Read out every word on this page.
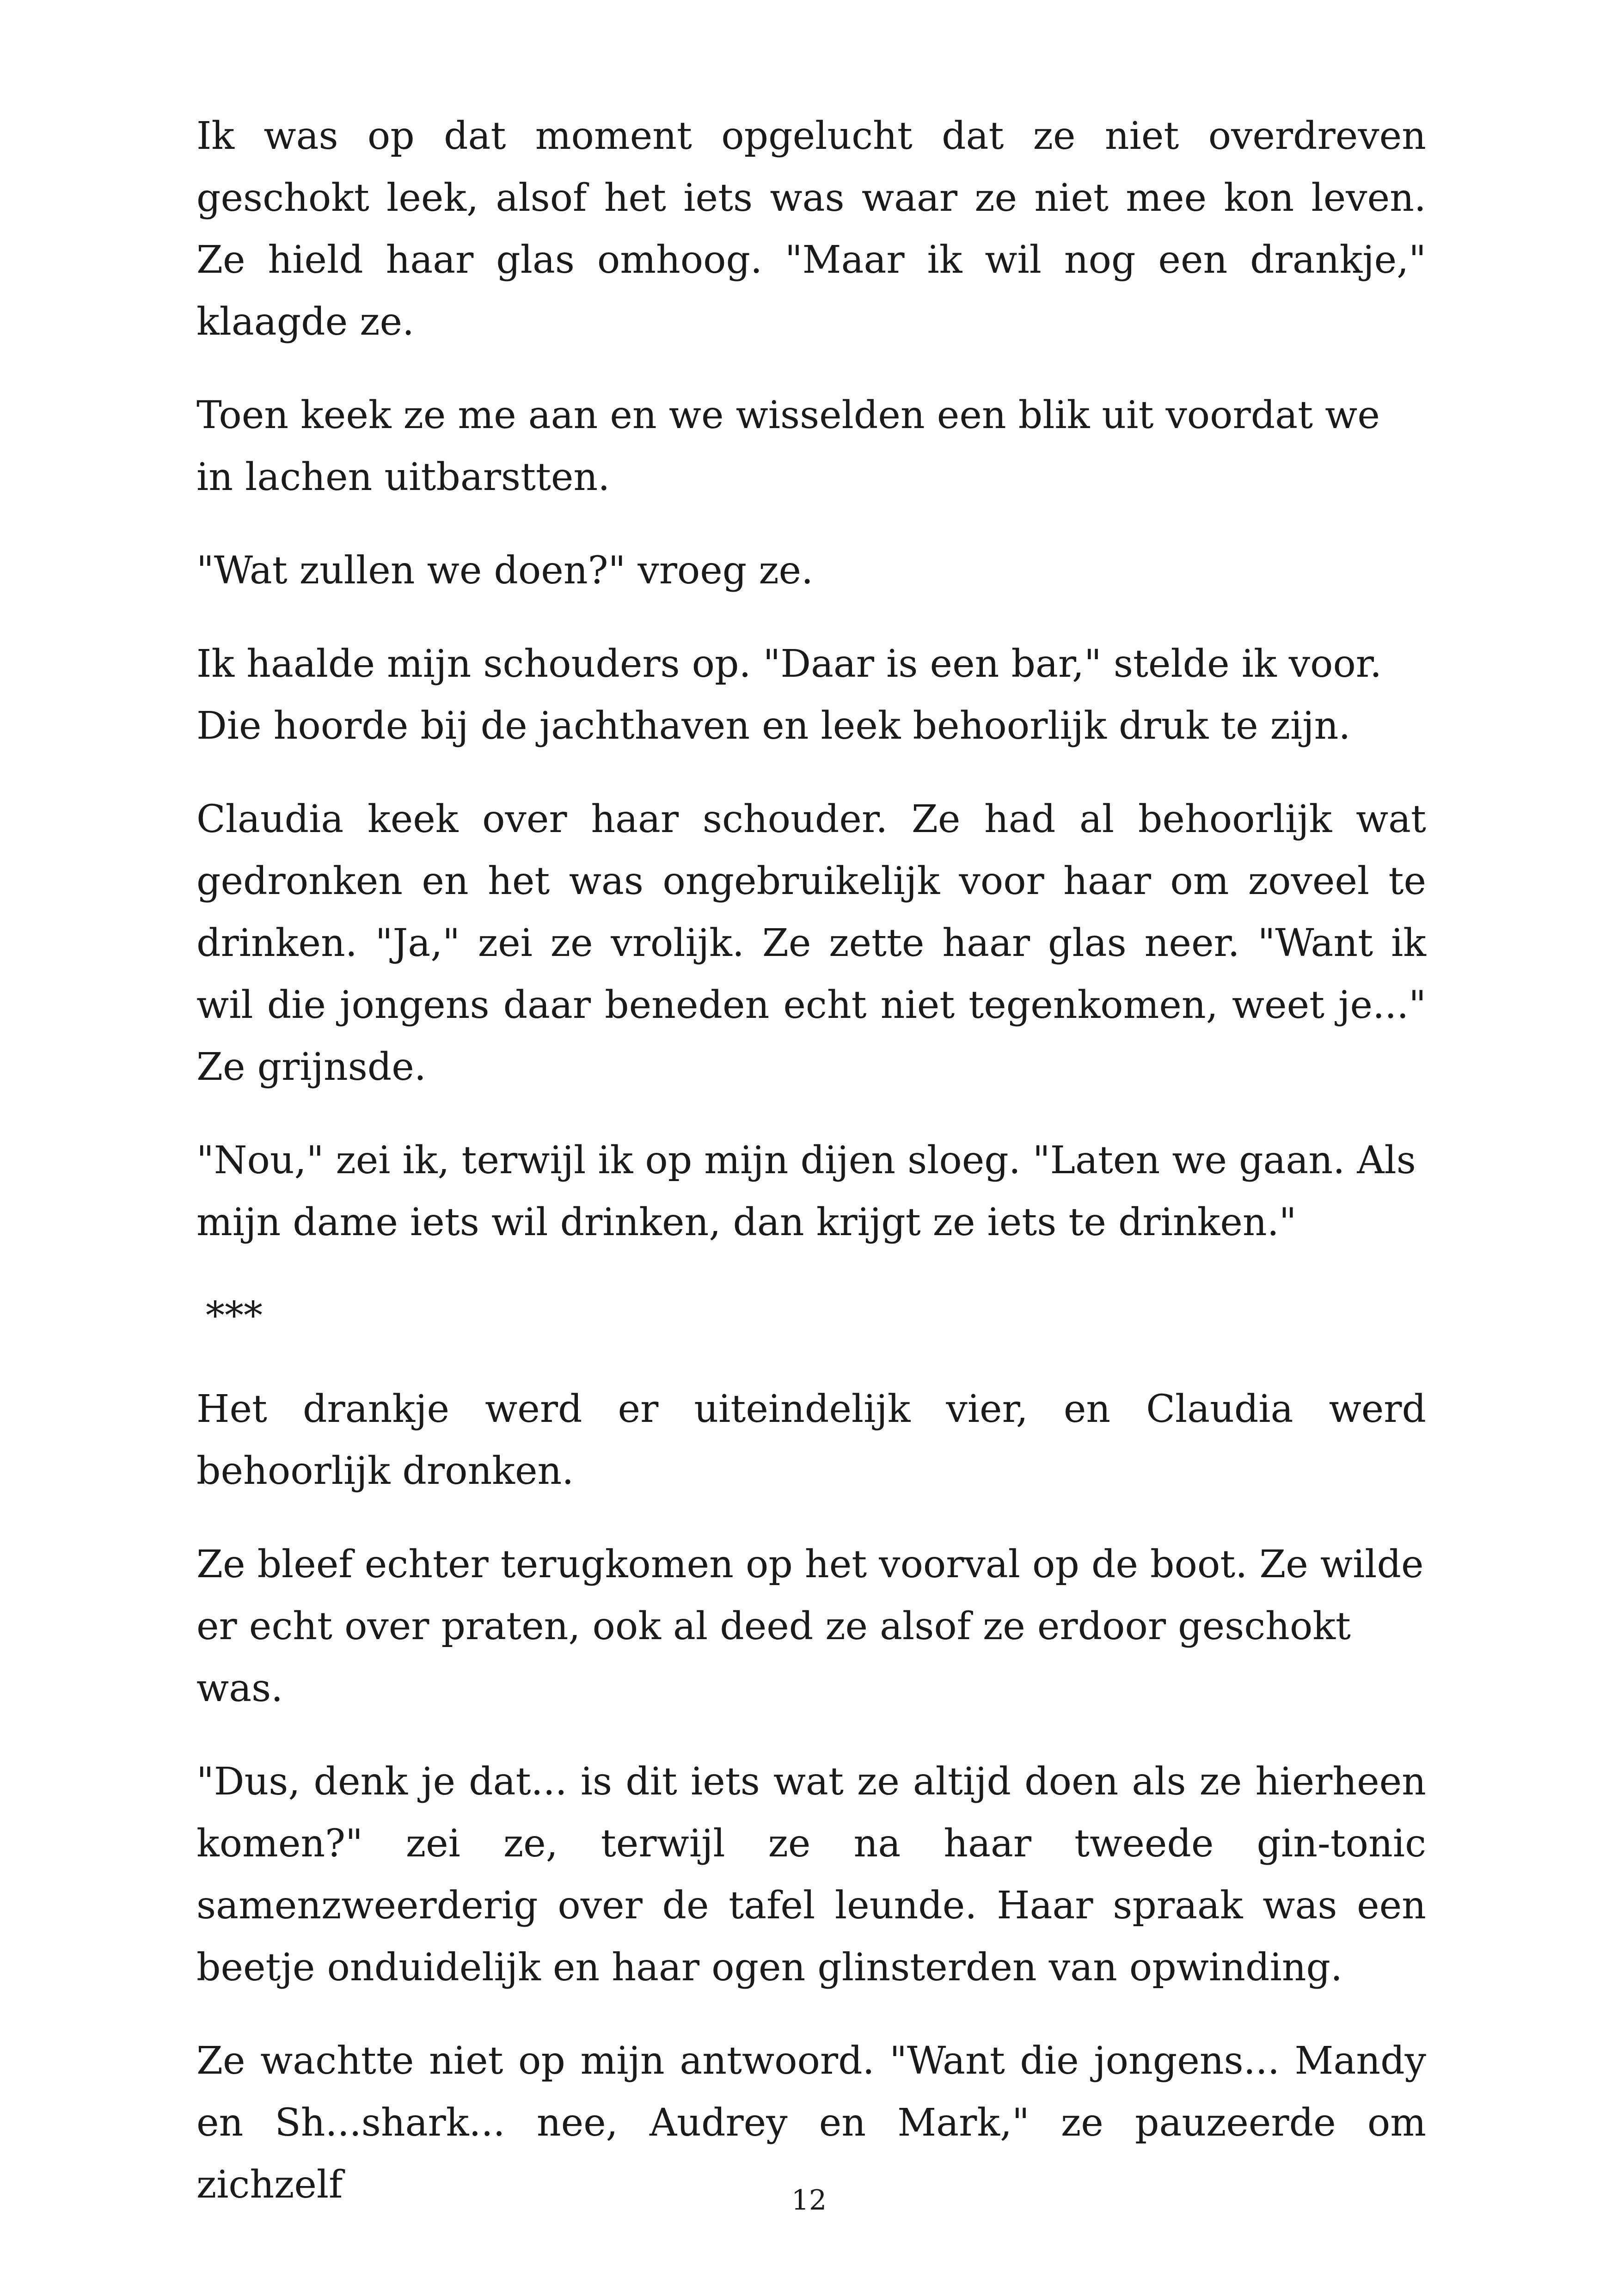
Ik was op dat moment opgelucht dat ze niet overdreven geschokt leek, alsof het iets was waar ze niet mee kon leven. Ze hield haar glas omhoog. "Maar ik wil nog een drankje," klaagde ze.

Toen keek ze me aan en we wisselden een blik uit voordat we in lachen uitbarstten.

"Wat zullen we doen?" vroeg ze.

Ik haalde mijn schouders op. "Daar is een bar," stelde ik voor. Die hoorde bij de jachthaven en leek behoorlijk druk te zijn.

Claudia keek over haar schouder. Ze had al behoorlijk wat gedronken en het was ongebruikelijk voor haar om zoveel te drinken. "Ja," zei ze vrolijk. Ze zette haar glas neer. "Want ik wil die jongens daar beneden echt niet tegenkomen, weet je..." Ze grijnsde.

"Nou," zei ik, terwijl ik op mijn dijen sloeg. "Laten we gaan. Als mijn dame iets wil drinken, dan krijgt ze iets te drinken."

***

Het drankje werd er uiteindelijk vier, en Claudia werd behoorlijk dronken.

Ze bleef echter terugkomen op het voorval op de boot. Ze wilde er echt over praten, ook al deed ze alsof ze erdoor geschokt was.

"Dus, denk je dat... is dit iets wat ze altijd doen als ze hierheen komen?" zei ze, terwijl ze na haar tweede gin-tonic samenzweerderig over de tafel leunde. Haar spraak was een beetje onduidelijk en haar ogen glinsterden van opwinding.

Ze wachtte niet op mijn antwoord. "Want die jongens... Mandy en Sh...shark... nee, Audrey en Mark," ze pauzeerde om zichzelf	12
